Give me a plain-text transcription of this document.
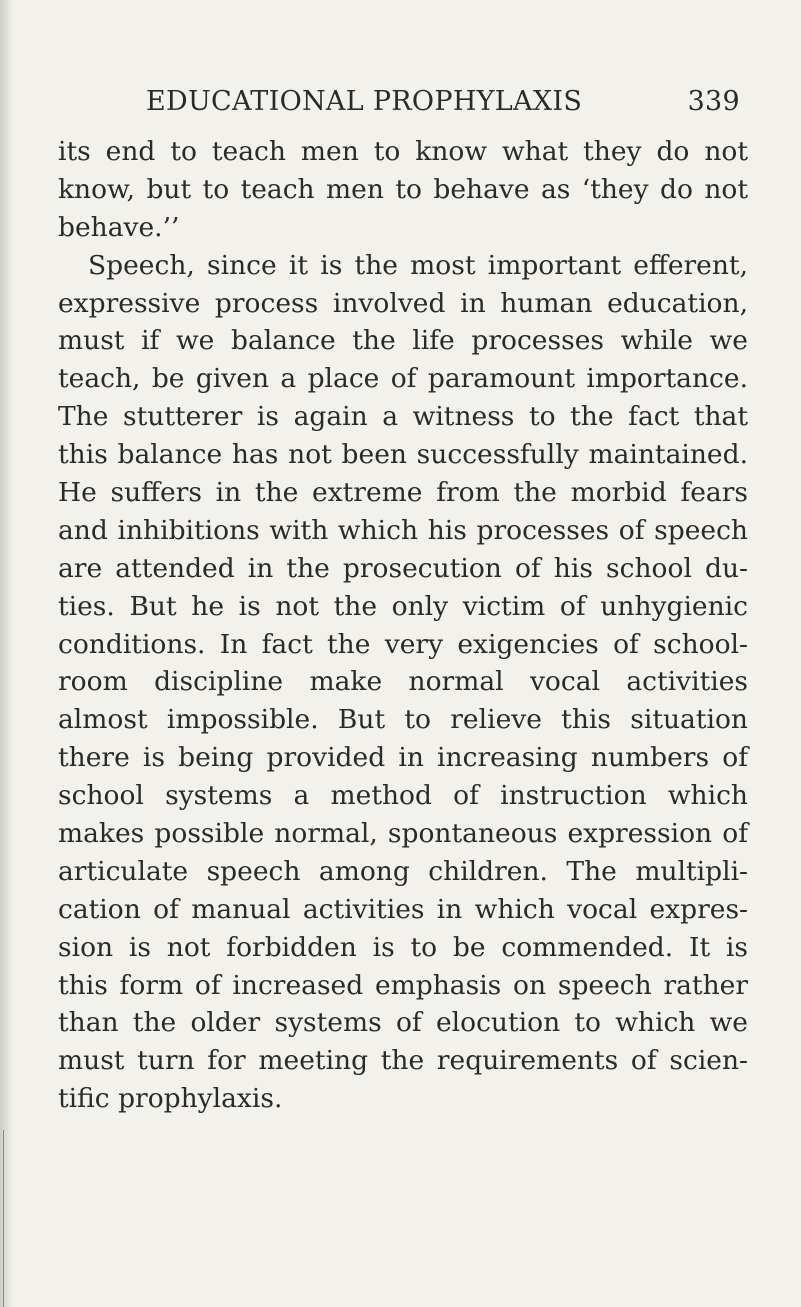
EDUCATIONAL PROPHYLAXIS	339
its end to teach men to know what they do not
know, but to teach men to behave as ‘they do not
behave.’’
Speech, since it is the most important efferent,
expressive process involved in human education,
must if we balance the life processes while we
teach, be given a place of paramount importance.
The stutterer is again a witness to the fact that
this balance has not been successfully maintained.
He suffers in the extreme from the morbid fears
and inhibitions with which his processes of speech
are attended in the prosecution of his school du-
ties. But he is not the only victim of unhygienic
conditions. In fact the very exigencies of school-
room discipline make normal vocal activities
almost impossible. But to relieve this situation
there is being provided in increasing numbers of
school systems a method of instruction which
makes possible normal, spontaneous expression of
articulate speech among children. The multipli-
cation of manual activities in which vocal expres-
sion is not forbidden is to be commended. It is
this form of increased emphasis on speech rather
than the older systems of elocution to which we
must turn for meeting the requirements of scien-
tific prophylaxis.
